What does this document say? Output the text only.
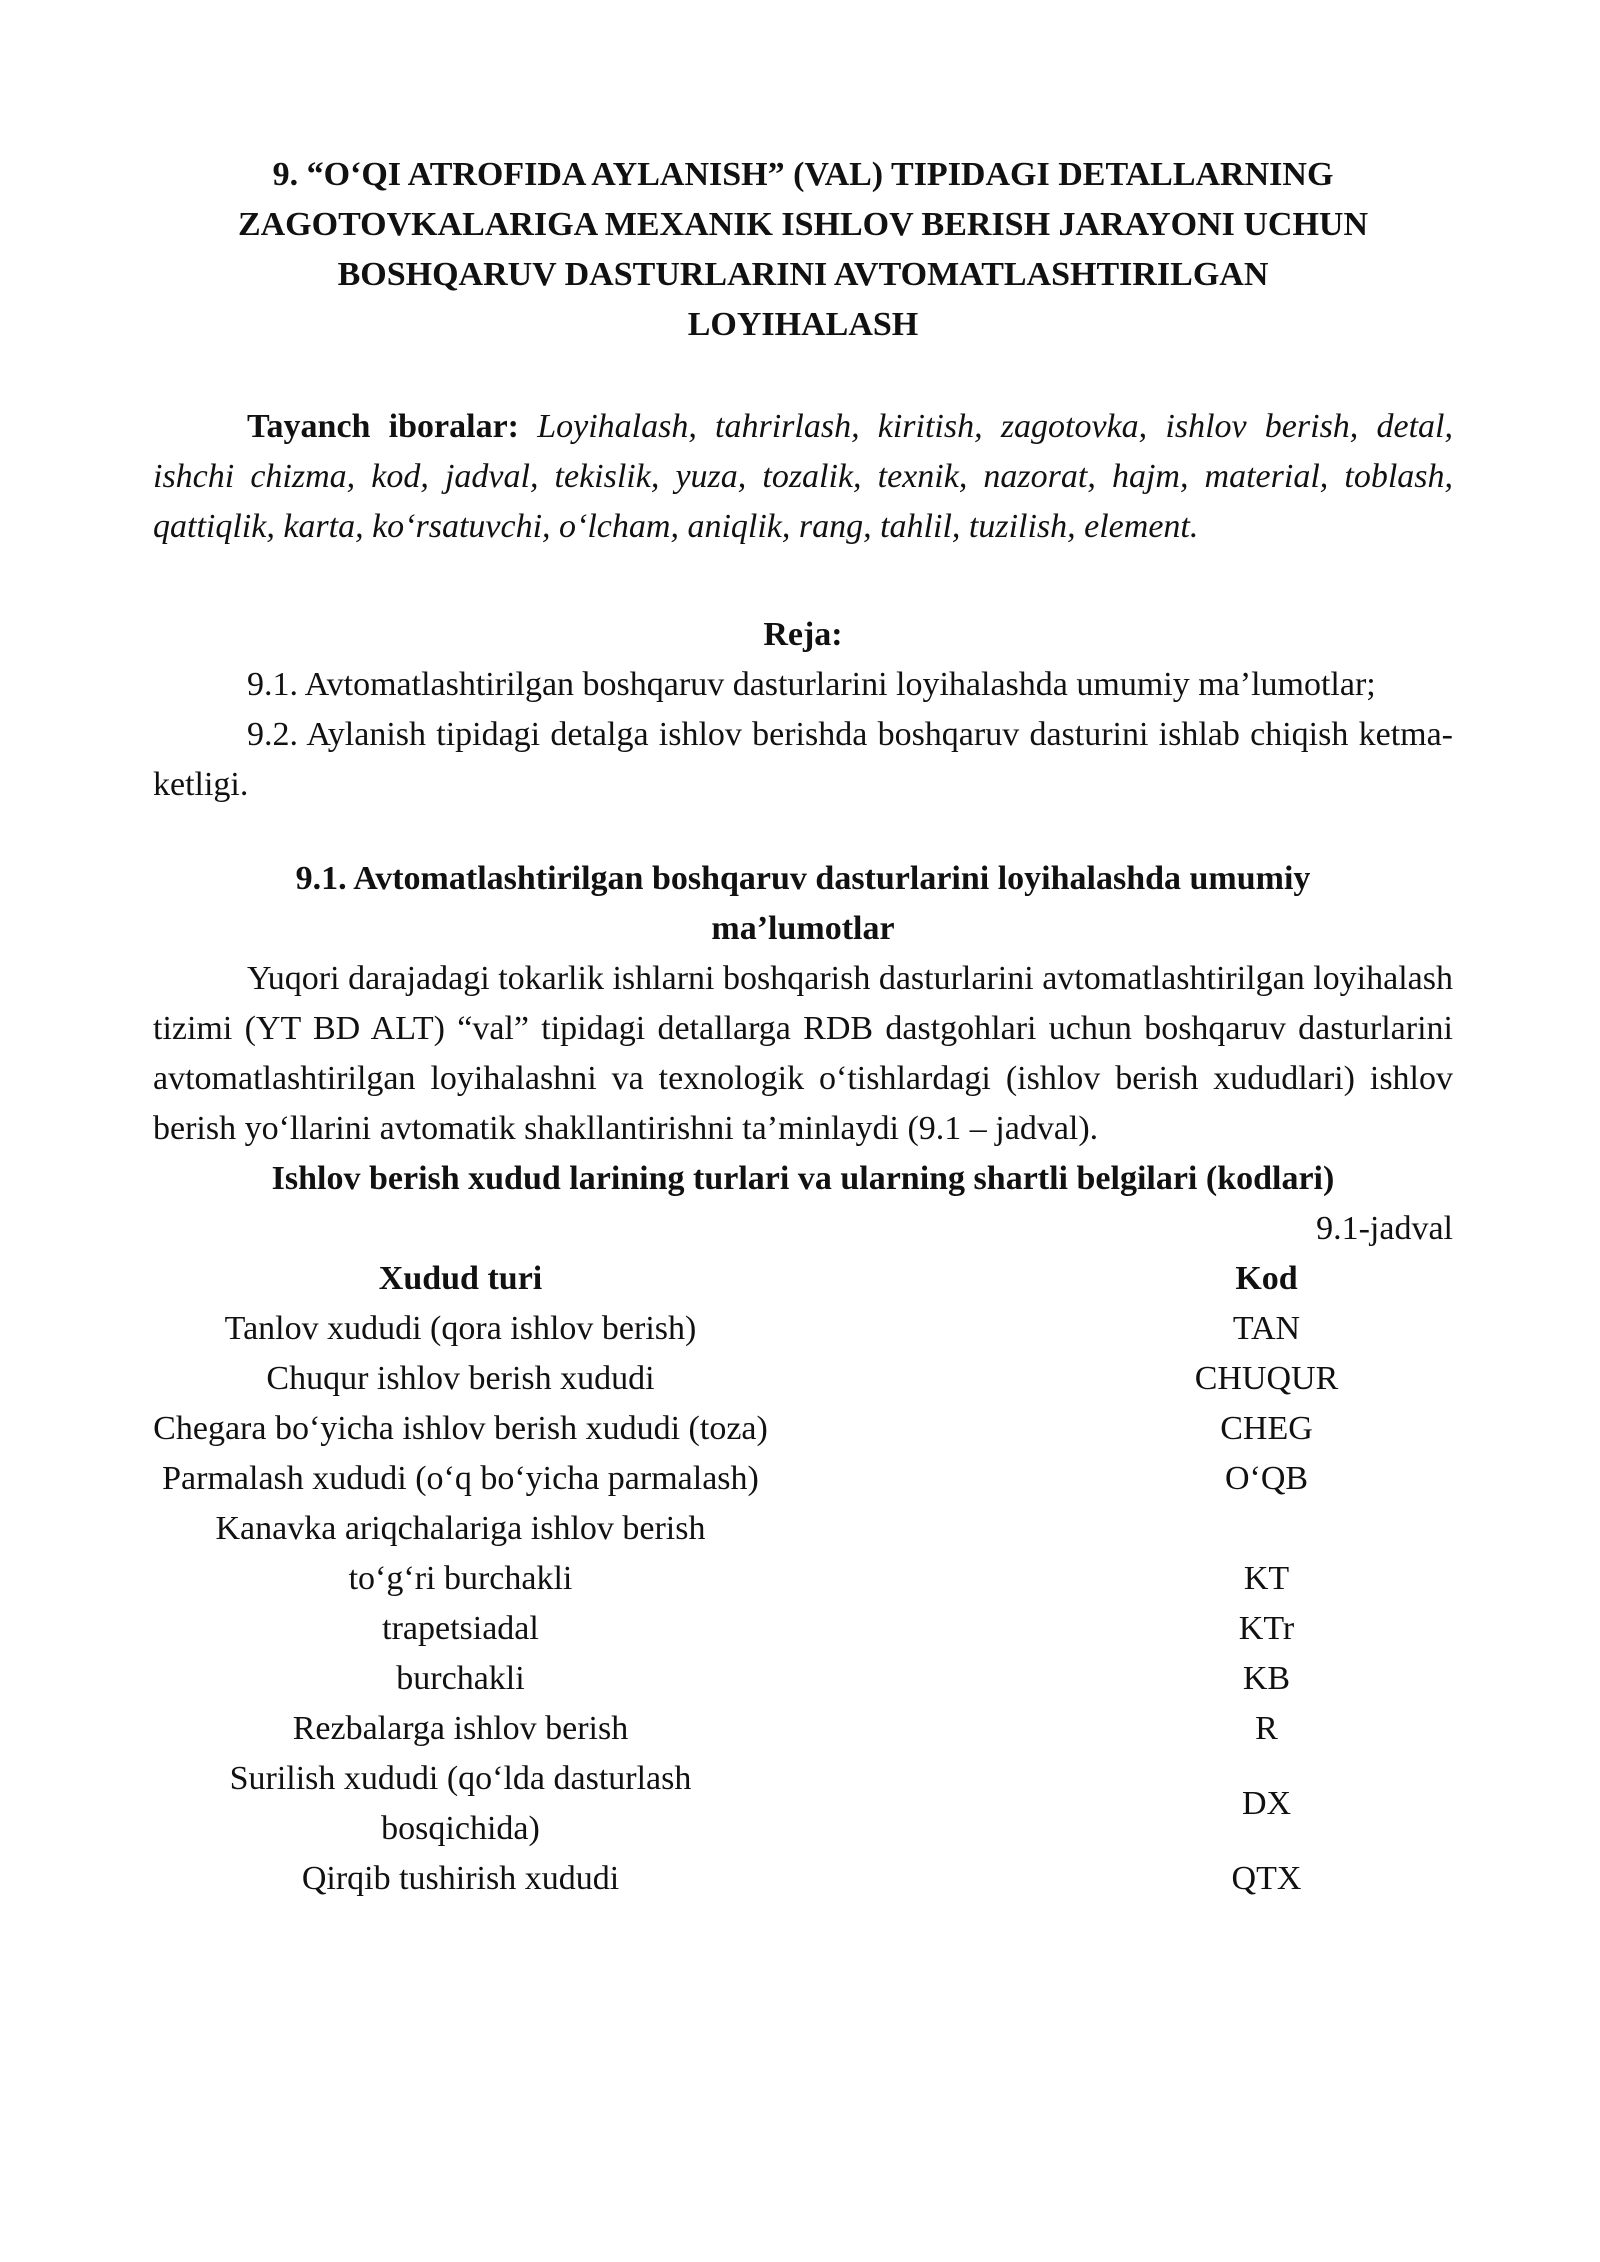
9. “O‘QI ATROFIDA AYLANISH” (VAL) TIPIDAGI DETALLARNING
ZAGOTOVKALARIGA MEXANIK ISHLOV BERISH JARAYONI UCHUN
BOSHQARUV DASTURLARINI AVTOMATLASHTIRILGAN
LOYIHALASH

Tayanch iboralar: Loyihalash, tahrirlash, kiritish, zagotovka, ishlov berish, detal, ishchi chizma, kod, jadval, tekislik, yuza, tozalik, texnik, nazorat, hajm, material, toblash, qattiqlik, karta, ko‘rsatuvchi, o‘lcham, aniqlik, rang, tahlil, tuzilish, element.

Reja:

9.1. Avtomatlashtirilgan boshqaruv dasturlarini loyihalashda umumiy ma’lumotlar;

9.2. Aylanish tipidagi detalga ishlov berishda boshqaruv dasturini ishlab chiqish ketma-ketligi.

9.1. Avtomatlashtirilgan boshqaruv dasturlarini loyihalashda umumiy ma’lumotlar

Yuqori darajadagi tokarlik ishlarni boshqarish dasturlarini avtomatlashtirilgan loyihalash tizimi (YT BD ALT) “val” tipidagi detallarga RDB dastgohlari uchun boshqaruv dasturlarini avtomatlashtirilgan loyihalashni va texnologik o‘tishlardagi (ishlov berish xududlari) ishlov berish yo‘llarini avtomatik shakllantirishni ta’minlaydi (9.1 – jadval).

Ishlov berish xudud larining turlari va ularning shartli belgilari (kodlari)

9.1-jadval

Xudud turi	Kod
Tanlov xududi (qora ishlov berish)	TAN
Chuqur ishlov berish xududi	CHUQUR
Chegara bo‘yicha ishlov berish xududi (toza)	CHEG
Parmalash xududi (o‘q bo‘yicha parmalash)	O‘QB
Kanavka ariqchalariga ishlov berish	
to‘g‘ri burchakli	KT
trapetsiadal	KTr
burchakli	KB
Rezbalarga ishlov berish	R
Surilish xududi (qo‘lda dasturlash bosqichida)	DX
Qirqib tushirish xududi	QTX
